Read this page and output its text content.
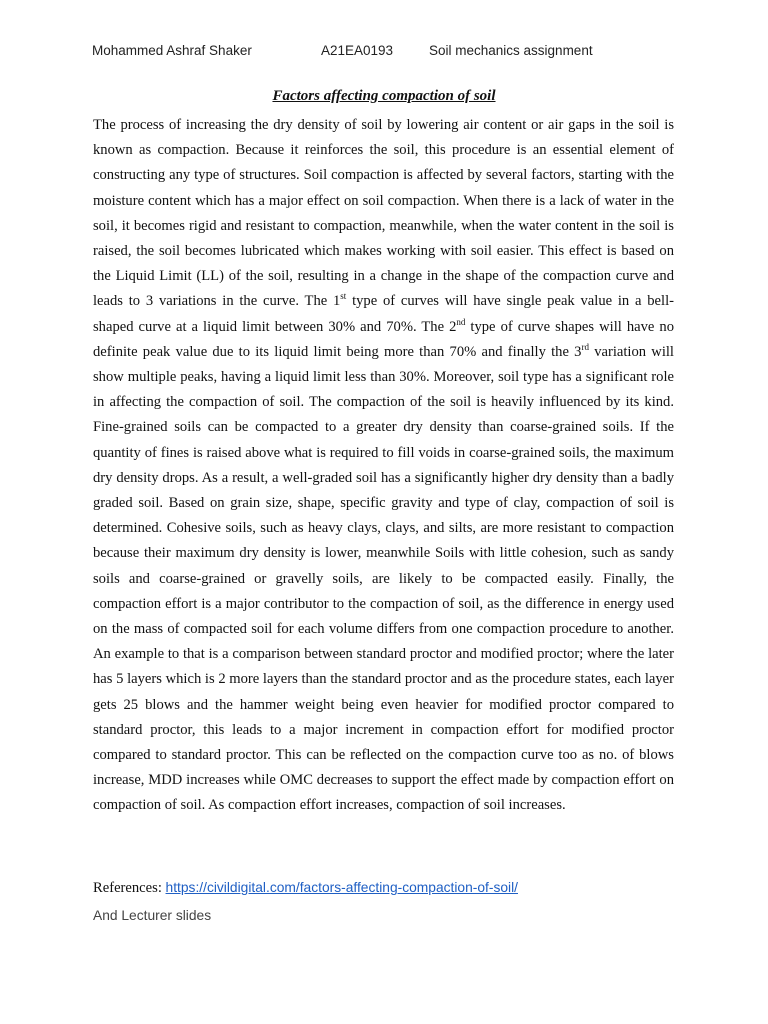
Mohammed Ashraf Shaker	A21EA0193	Soil mechanics assignment
Factors affecting compaction of soil
The process of increasing the dry density of soil by lowering air content or air gaps in the soil is known as compaction. Because it reinforces the soil, this procedure is an essential element of constructing any type of structures. Soil compaction is affected by several factors, starting with the moisture content which has a major effect on soil compaction. When there is a lack of water in the soil, it becomes rigid and resistant to compaction, meanwhile, when the water content in the soil is raised, the soil becomes lubricated which makes working with soil easier. This effect is based on the Liquid Limit (LL) of the soil, resulting in a change in the shape of the compaction curve and leads to 3 variations in the curve. The 1st type of curves will have single peak value in a bell-shaped curve at a liquid limit between 30% and 70%. The 2nd type of curve shapes will have no definite peak value due to its liquid limit being more than 70% and finally the 3rd variation will show multiple peaks, having a liquid limit less than 30%. Moreover, soil type has a significant role in affecting the compaction of soil. The compaction of the soil is heavily influenced by its kind. Fine-grained soils can be compacted to a greater dry density than coarse-grained soils. If the quantity of fines is raised above what is required to fill voids in coarse-grained soils, the maximum dry density drops. As a result, a well-graded soil has a significantly higher dry density than a badly graded soil. Based on grain size, shape, specific gravity and type of clay, compaction of soil is determined. Cohesive soils, such as heavy clays, clays, and silts, are more resistant to compaction because their maximum dry density is lower, meanwhile Soils with little cohesion, such as sandy soils and coarse-grained or gravelly soils, are likely to be compacted easily. Finally, the compaction effort is a major contributor to the compaction of soil, as the difference in energy used on the mass of compacted soil for each volume differs from one compaction procedure to another. An example to that is a comparison between standard proctor and modified proctor; where the later has 5 layers which is 2 more layers than the standard proctor and as the procedure states, each layer gets 25 blows and the hammer weight being even heavier for modified proctor compared to standard proctor, this leads to a major increment in compaction effort for modified proctor compared to standard proctor. This can be reflected on the compaction curve too as no. of blows increase, MDD increases while OMC decreases to support the effect made by compaction effort on compaction of soil. As compaction effort increases, compaction of soil increases.
References: https://civildigital.com/factors-affecting-compaction-of-soil/
And Lecturer slides
